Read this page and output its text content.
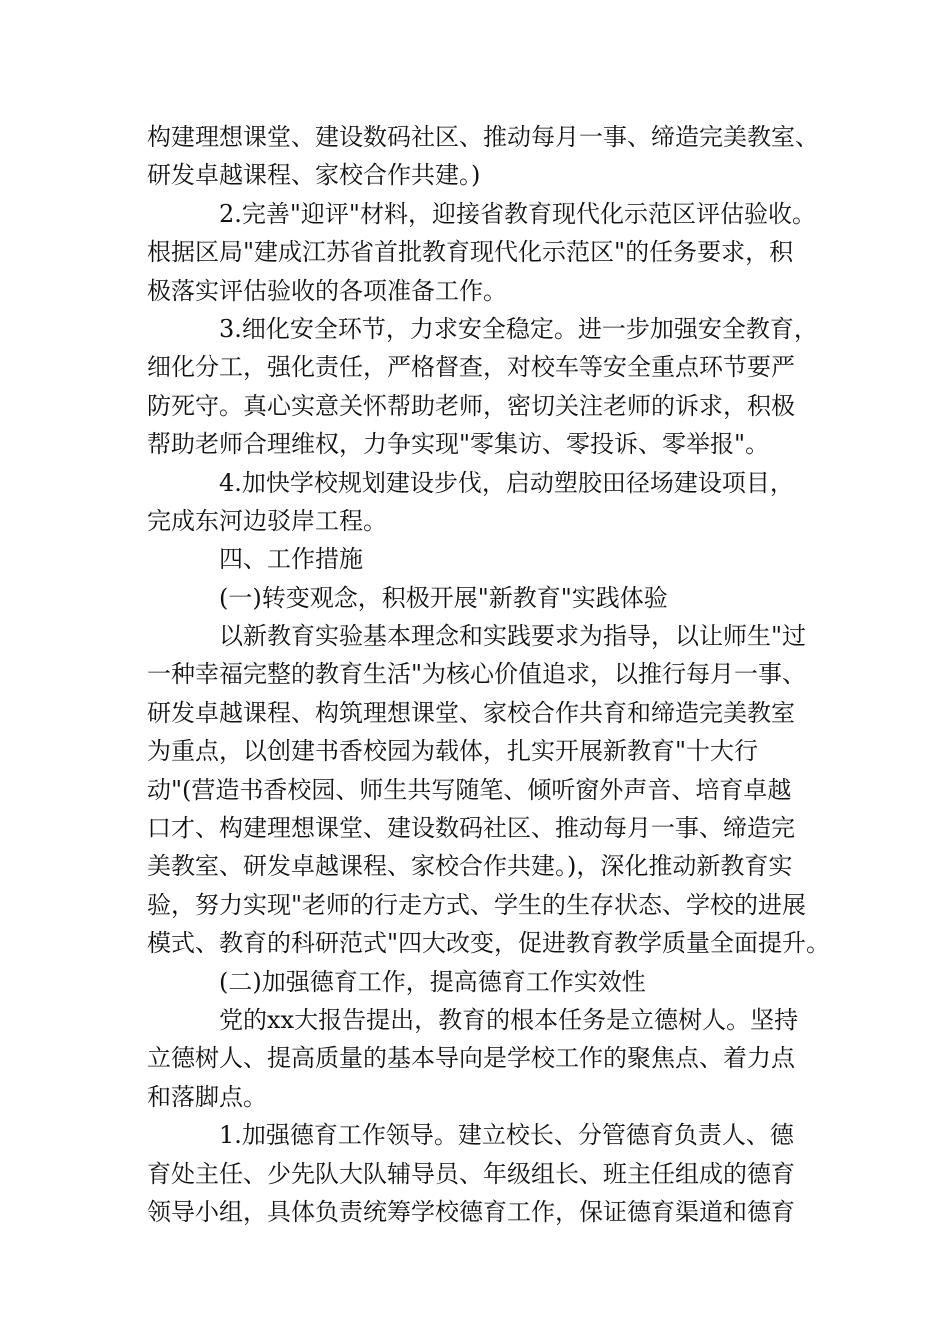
构建理想课堂、建设数码社区、推动每月一事、缔造完美教室、
研发卓越课程、家校合作共建。)
2.完善"迎评"材料，迎接省教育现代化示范区评估验收。
根据区局"建成江苏省首批教育现代化示范区"的任务要求，积
极落实评估验收的各项准备工作。
3.细化安全环节，力求安全稳定。进一步加强安全教育，
细化分工，强化责任，严格督查，对校车等安全重点环节要严
防死守。真心实意关怀帮助老师，密切关注老师的诉求，积极
帮助老师合理维权，力争实现"零集访、零投诉、零举报"。
4.加快学校规划建设步伐，启动塑胶田径场建设项目，
完成东河边驳岸工程。
四、工作措施
(一)转变观念，积极开展"新教育"实践体验
以新教育实验基本理念和实践要求为指导，以让师生"过
一种幸福完整的教育生活"为核心价值追求，以推行每月一事、
研发卓越课程、构筑理想课堂、家校合作共育和缔造完美教室
为重点，以创建书香校园为载体，扎实开展新教育"十大行
动"(营造书香校园、师生共写随笔、倾听窗外声音、培育卓越
口才、构建理想课堂、建设数码社区、推动每月一事、缔造完
美教室、研发卓越课程、家校合作共建。)，深化推动新教育实
验，努力实现"老师的行走方式、学生的生存状态、学校的进展
模式、教育的科研范式"四大改变，促进教育教学质量全面提升。
(二)加强德育工作，提高德育工作实效性
党的xx大报告提出，教育的根本任务是立德树人。坚持
立德树人、提高质量的基本导向是学校工作的聚焦点、着力点
和落脚点。
1.加强德育工作领导。建立校长、分管德育负责人、德
育处主任、少先队大队辅导员、年级组长、班主任组成的德育
领导小组，具体负责统筹学校德育工作，保证德育渠道和德育
